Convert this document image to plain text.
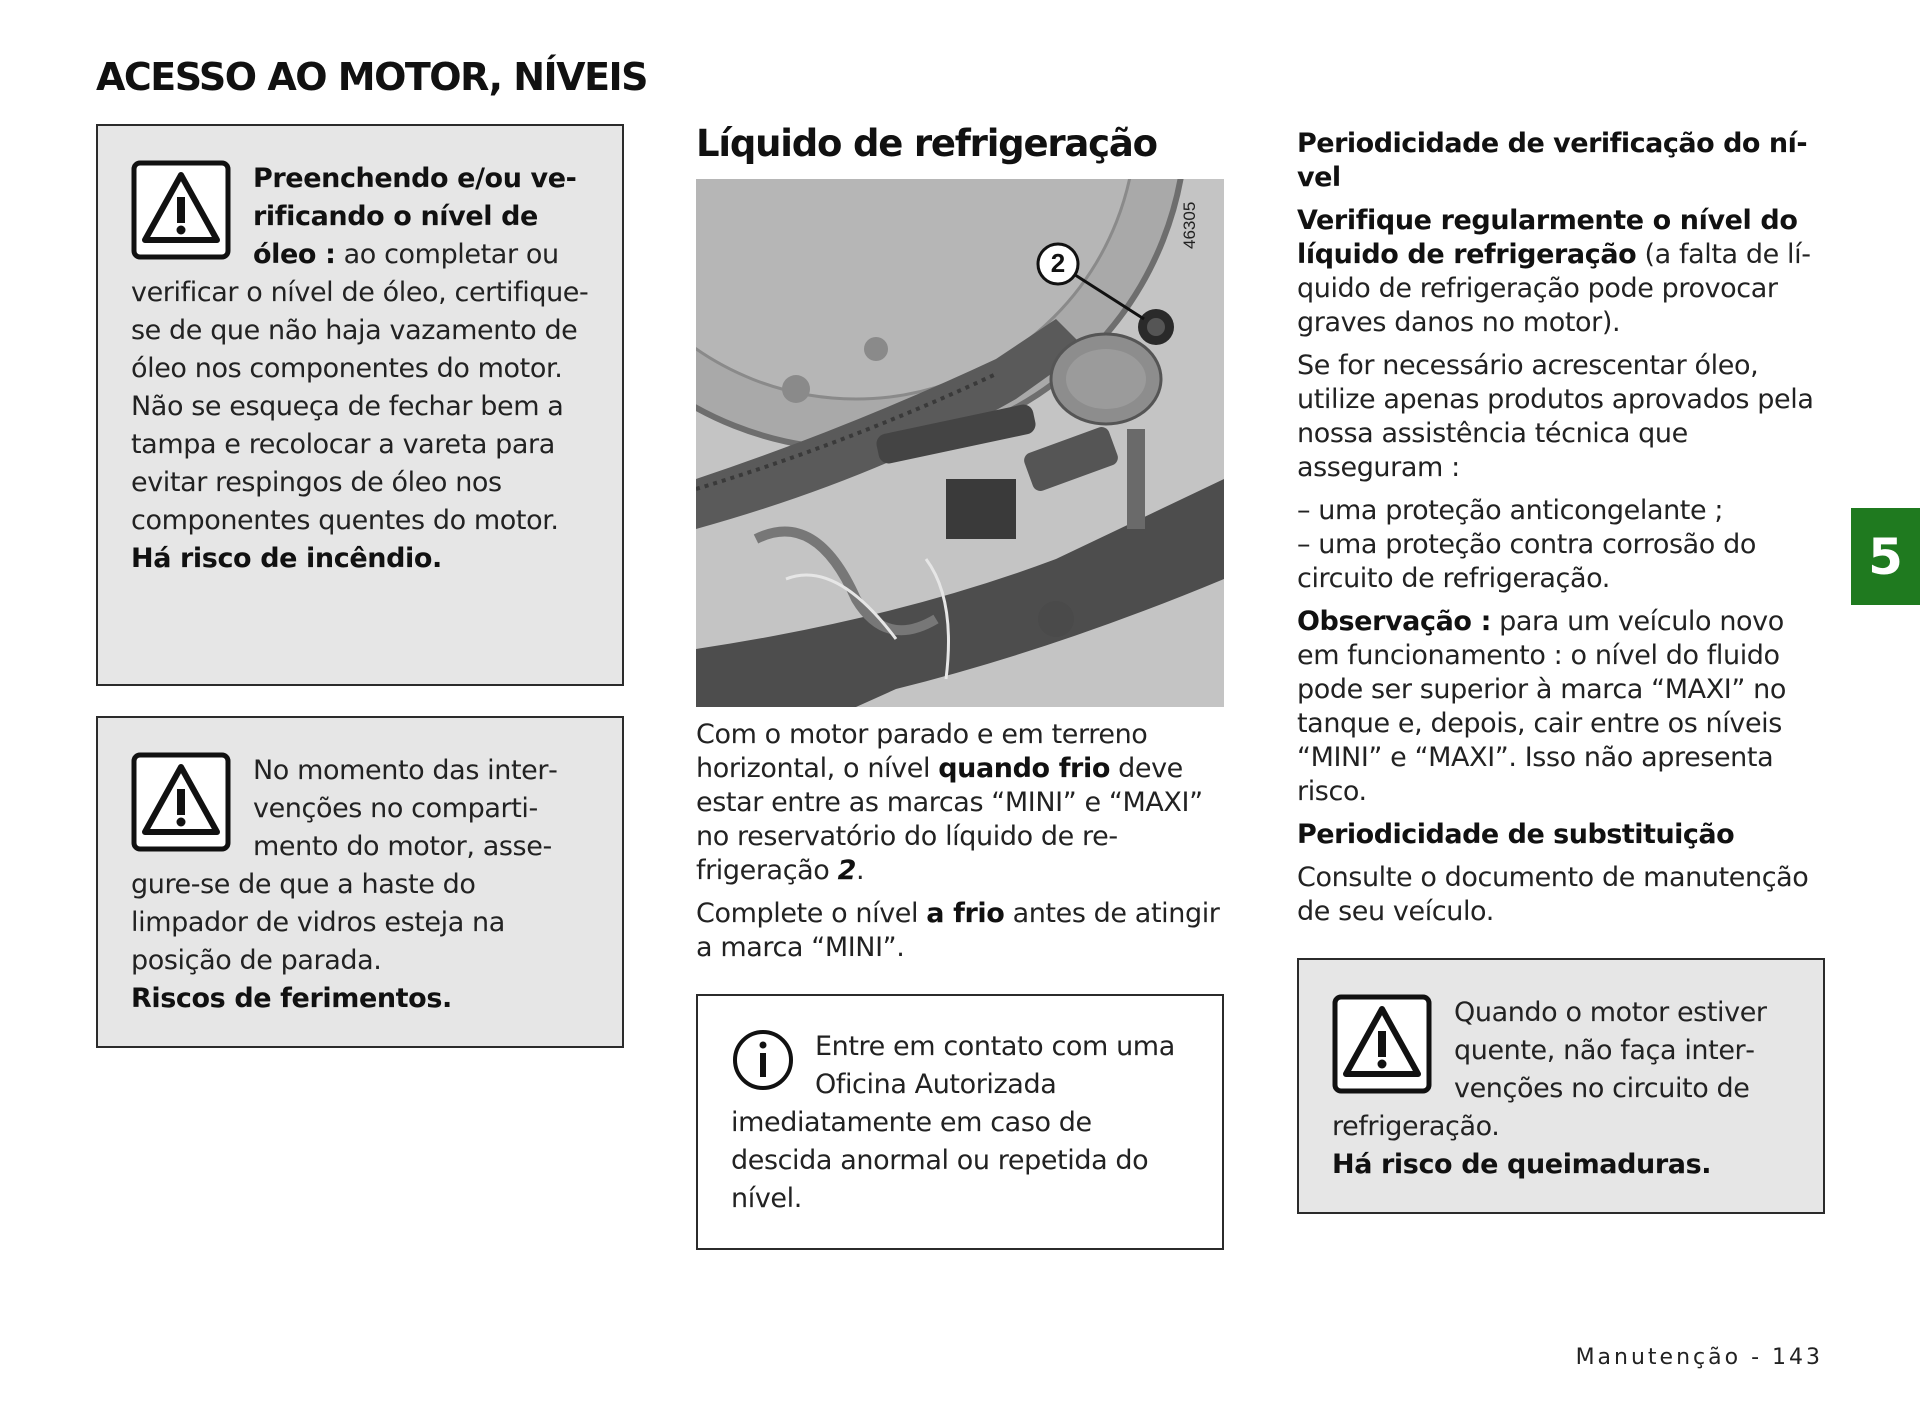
ACESSO AO MOTOR, NÍVEIS

Preenchendo e/ou verificando o nível de óleo : ao completar ou verificar o nível de óleo, certifique-se de que não haja vazamento de óleo nos componentes do motor.

Não se esqueça de fechar bem a tampa e recolocar a vareta para evitar respingos de óleo nos componentes quentes do motor.

Há risco de incêndio.

No momento das intervenções no compartimento do motor, assegure-se de que a haste do limpador de vidros esteja na posição de parada.

Riscos de ferimentos.

Líquido de refrigeração
2
46305

Com o motor parado e em terreno horizontal, o nível quando frio deve estar entre as marcas “MINI” e “MAXI” no reservatório do líquido de refrigeração 2.

Complete o nível a frio antes de atingir a marca “MINI”.

Entre em contato com uma Oficina Autorizada imediatamente em caso de descida anormal ou repetida do nível.

Periodicidade de verificação do nível

Verifique regularmente o nível do líquido de refrigeração (a falta de líquido de refrigeração pode provocar graves danos no motor).

Se for necessário acrescentar óleo, utilize apenas produtos aprovados pela nossa assistência técnica que asseguram :

– uma proteção anticongelante ;
– uma proteção contra corrosão do circuito de refrigeração.

Observação : para um veículo novo em funcionamento : o nível do fluido pode ser superior à marca “MAXI” no tanque e, depois, cair entre os níveis “MINI” e “MAXI”. Isso não apresenta risco.

Periodicidade de substituição

Consulte o documento de manutenção de seu veículo.

Quando o motor estiver quente, não faça intervenções no circuito de refrigeração.

Há risco de queimaduras.

5
Manutenção - 143
